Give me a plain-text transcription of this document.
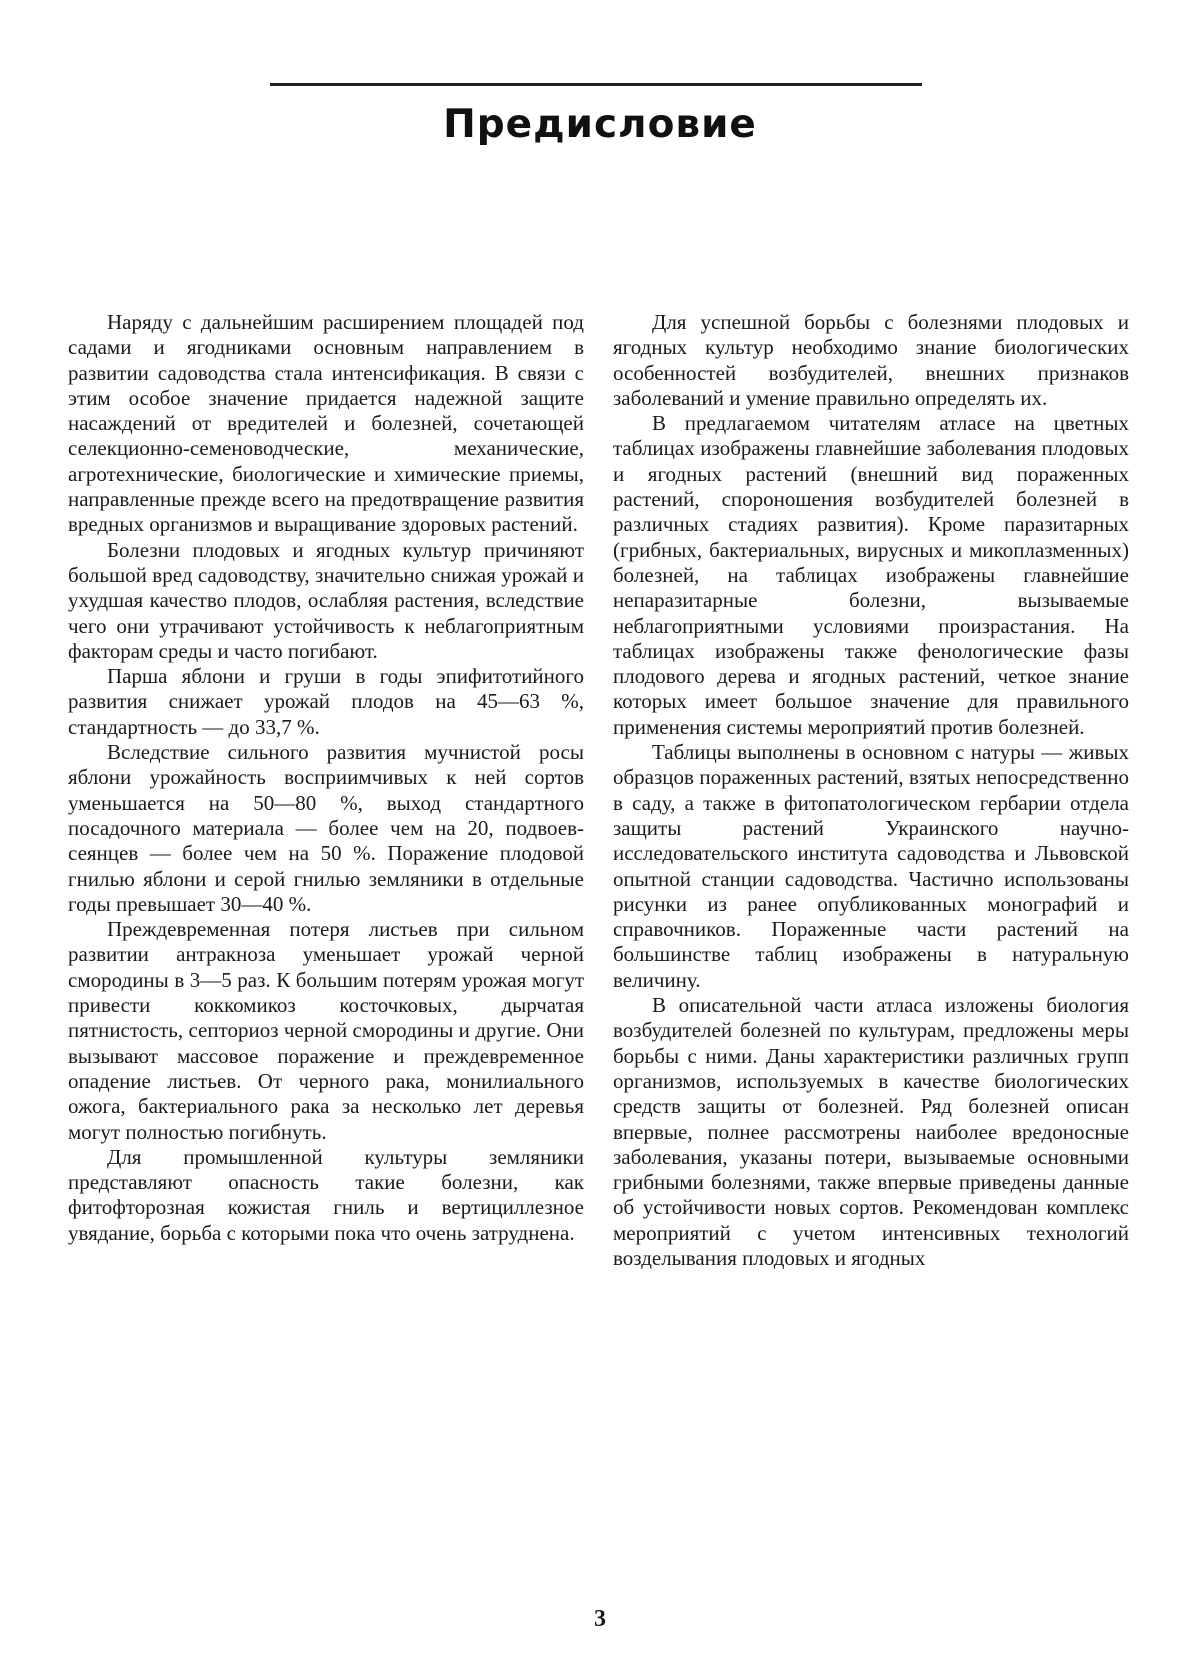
Предисловие

Наряду с дальнейшим расширением площадей под садами и ягодниками основным направлением в развитии садоводства стала интенсификация. В связи с этим особое значение придается надежной защите насаждений от вредителей и болезней, сочетающей селекционно-семеноводческие, механические, агротехнические, биологические и химические приемы, направленные прежде всего на предотвращение развития вредных организмов и выращивание здоровых растений.

Болезни плодовых и ягодных культур причиняют большой вред садоводству, значительно снижая урожай и ухудшая качество плодов, ослабляя растения, вследствие чего они утрачивают устойчивость к неблагоприятным факторам среды и часто погибают.

Парша яблони и груши в годы эпифитотийного развития снижает урожай плодов на 45—63 %, стандартность — до 33,7 %.

Вследствие сильного развития мучнистой росы яблони урожайность восприимчивых к ней сортов уменьшается на 50—80 %, выход стандартного посадочного материала — более чем на 20, подвоев-сеянцев — более чем на 50 %. Поражение плодовой гнилью яблони и серой гнилью земляники в отдельные годы превышает 30—40 %.

Преждевременная потеря листьев при сильном развитии антракноза уменьшает урожай черной смородины в 3—5 раз. К большим потерям урожая могут привести коккомикоз косточковых, дырчатая пятнистость, септориоз черной смородины и другие. Они вызывают массовое поражение и преждевременное опадение листьев. От черного рака, монилиального ожога, бактериального рака за несколько лет деревья могут полностью погибнуть.

Для промышленной культуры земляники представляют опасность такие болезни, как фитофторозная кожистая гниль и вертициллезное увядание, борьба с которыми пока что очень затруднена.

Для успешной борьбы с болезнями плодовых и ягодных культур необходимо знание биологических особенностей возбудителей, внешних признаков заболеваний и умение правильно определять их.

В предлагаемом читателям атласе на цветных таблицах изображены главнейшие заболевания плодовых и ягодных растений (внешний вид пораженных растений, спороношения возбудителей болезней в различных стадиях развития). Кроме паразитарных (грибных, бактериальных, вирусных и микоплазменных) болезней, на таблицах изображены главнейшие непаразитарные болезни, вызываемые неблагоприятными условиями произрастания. На таблицах изображены также фенологические фазы плодового дерева и ягодных растений, четкое знание которых имеет большое значение для правильного применения системы мероприятий против болезней.

Таблицы выполнены в основном с натуры — живых образцов пораженных растений, взятых непосредственно в саду, а также в фитопатологическом гербарии отдела защиты растений Украинского научно-исследовательского института садоводства и Львовской опытной станции садоводства. Частично использованы рисунки из ранее опубликованных монографий и справочников. Пораженные части растений на большинстве таблиц изображены в натуральную величину.

В описательной части атласа изложены биология возбудителей болезней по культурам, предложены меры борьбы с ними. Даны характеристики различных групп организмов, используемых в качестве биологических средств защиты от болезней. Ряд болезней описан впервые, полнее рассмотрены наиболее вредоносные заболевания, указаны потери, вызываемые основными грибными болезнями, также впервые приведены данные об устойчивости новых сортов. Рекомендован комплекс мероприятий с учетом интенсивных технологий возделывания плодовых и ягодных

3
